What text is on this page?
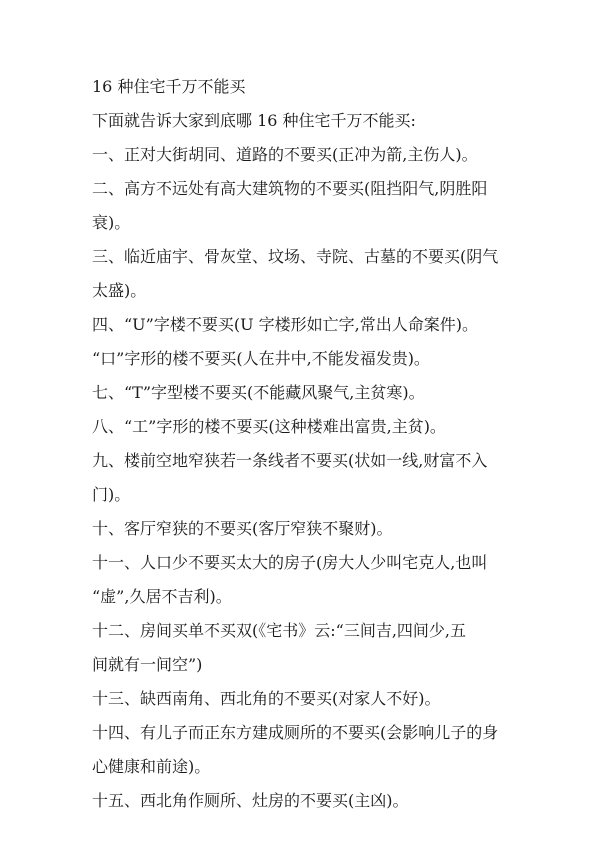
16 种住宅千万不能买
下面就告诉大家到底哪 16 种住宅千万不能买:
一、正对大街胡同、道路的不要买(正冲为箭,主伤人)。
二、高方不远处有高大建筑物的不要买(阻挡阳气,阴胜阳
衰)。
三、临近庙宇、骨灰堂、坟场、寺院、古墓的不要买(阴气
太盛)。
四、“U”字楼不要买(U 字楼形如亡字,常出人命案件)。
“口”字形的楼不要买(人在井中,不能发福发贵)。
七、“T”字型楼不要买(不能藏风聚气,主贫寒)。
八、“工”字形的楼不要买(这种楼难出富贵,主贫)。
九、楼前空地窄狭若一条线者不要买(状如一线,财富不入
门)。
十、客厅窄狭的不要买(客厅窄狭不聚财)。
十一、人口少不要买太大的房子(房大人少叫宅克人,也叫
“虚”,久居不吉利)。
十二、房间买单不买双(《宅书》云:“三间吉,四间少,五
间就有一间空”)
十三、缺西南角、西北角的不要买(对家人不好)。
十四、有儿子而正东方建成厕所的不要买(会影响儿子的身
心健康和前途)。
十五、西北角作厕所、灶房的不要买(主凶)。
